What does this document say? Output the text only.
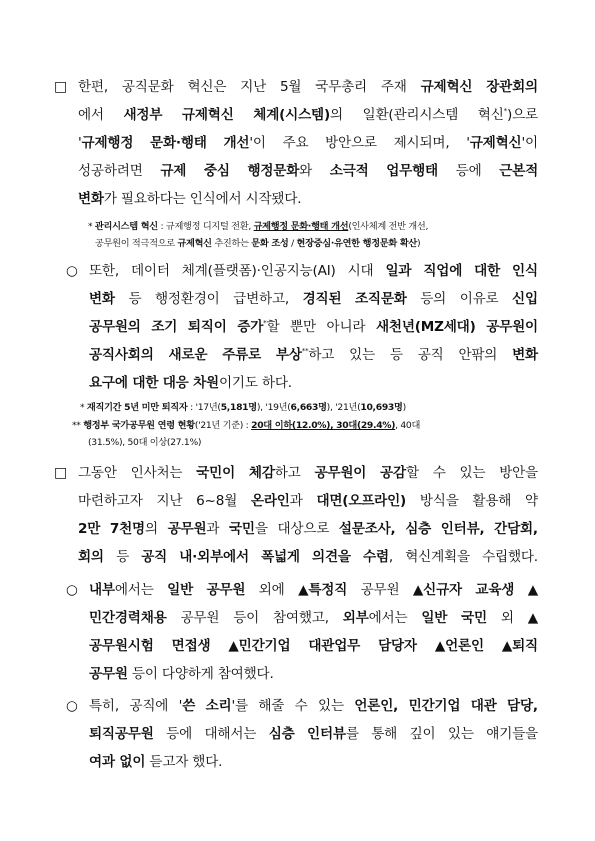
□ 한편, 공직문화 혁신은 지난 5월 국무총리 주재 규제혁신 장관회의
에서 새정부 규제혁신 체계(시스템)의 일환(관리시스템 혁신*)으로
'규제행정 문화·행태 개선'이 주요 방안으로 제시되며, '규제혁신'이
성공하려면 규제 중심 행정문화와 소극적 업무행태 등에 근본적
변화가 필요하다는 인식에서 시작됐다.
* 관리시스템 혁신 : 규제행정 디지털 전환, 규제행정 문화·행태 개선(인사체계 전반 개선,
공무원이 적극적으로 규제혁신 추진하는 문화 조성 / 현장중심·유연한 행정문화 확산)
○ 또한, 데이터 체계(플랫폼)·인공지능(AI) 시대 일과 직업에 대한 인식
변화 등 행정환경이 급변하고, 경직된 조직문화 등의 이유로 신입
공무원의 조기 퇴직이 증가*할 뿐만 아니라 새천년(MZ세대) 공무원이
공직사회의 새로운 주류로 부상**하고 있는 등 공직 안팎의 변화
요구에 대한 대응 차원이기도 하다.
* 재직기간 5년 미만 퇴직자 : '17년(5,181명), '19년(6,663명), '21년(10,693명)
** 행정부 국가공무원 연령 현황('21년 기준) : 20대 이하(12.0%), 30대(29.4%), 40대
(31.5%), 50대 이상(27.1%)
□ 그동안 인사처는 국민이 체감하고 공무원이 공감할 수 있는 방안을
마련하고자 지난 6~8월 온라인과 대면(오프라인) 방식을 활용해 약
2만 7천명의 공무원과 국민을 대상으로 설문조사, 심층 인터뷰, 간담회,
회의 등 공직 내·외부에서 폭넓게 의견을 수렴, 혁신계획을 수립했다.
○ 내부에서는 일반 공무원 외에 ▲특정직 공무원 ▲신규자 교육생 ▲
민간경력채용 공무원 등이 참여했고, 외부에서는 일반 국민 외 ▲
공무원시험 면접생 ▲민간기업 대관업무 담당자 ▲언론인 ▲퇴직
공무원 등이 다양하게 참여했다.
○ 특히, 공직에 '쓴 소리'를 해줄 수 있는 언론인, 민간기업 대관 담당,
퇴직공무원 등에 대해서는 심층 인터뷰를 통해 깊이 있는 얘기들을
여과 없이 듣고자 했다.
